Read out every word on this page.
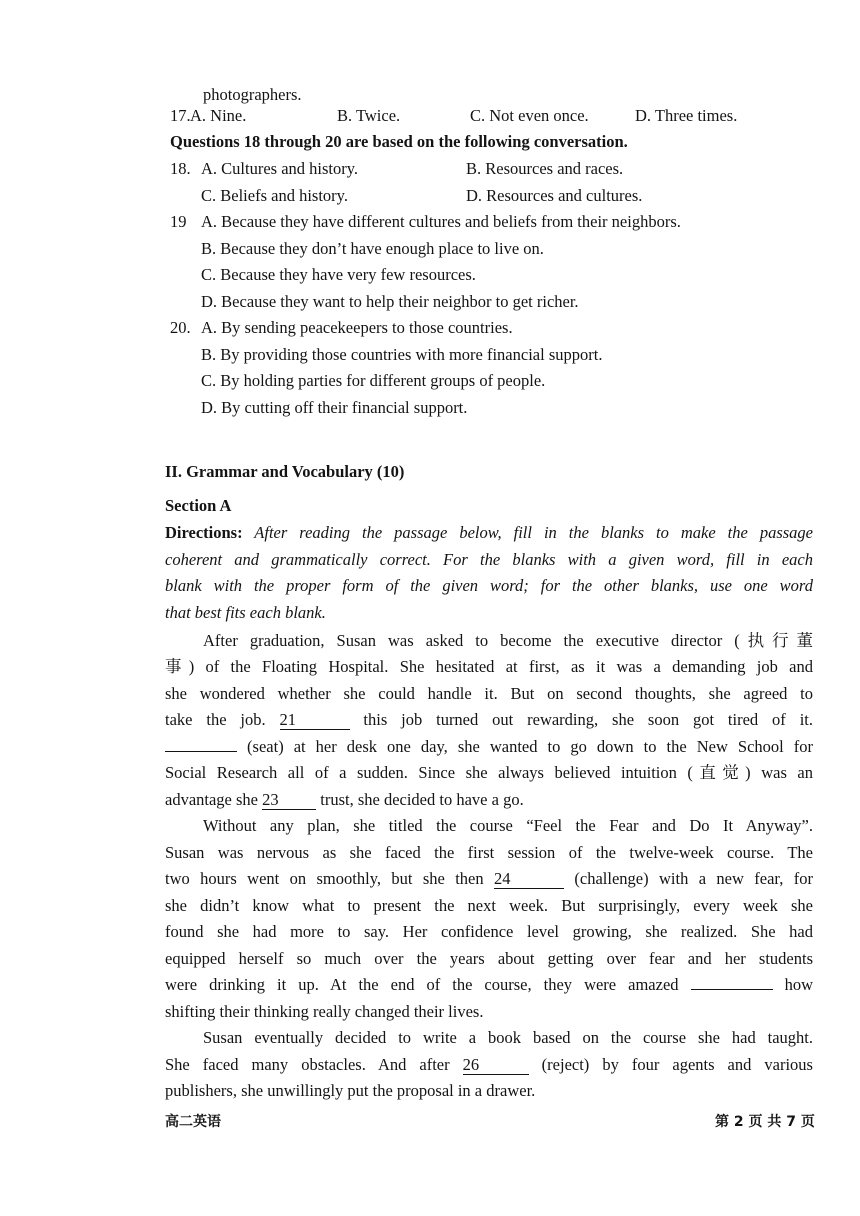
photographers.
17. A. Nine.	B. Twice.	C. Not even once.	D. Three times.
Questions 18 through 20 are based on the following conversation.
18. A. Cultures and history.	B. Resources and races.
C. Beliefs and history.	D. Resources and cultures.
19 A. Because they have different cultures and beliefs from their neighbors.
B. Because they don’t have enough place to live on.
C. Because they have very few resources.
D. Because they want to help their neighbor to get richer.
20. A. By sending peacekeepers to those countries.
B. By providing those countries with more financial support.
C. By holding parties for different groups of people.
D. By cutting off their financial support.
II. Grammar and Vocabulary (10)
Section A
Directions: After reading the passage below, fill in the blanks to make the passage
coherent and grammatically correct. For the blanks with a given word, fill in each
blank with the proper form of the given word; for the other blanks, use one word
that best fits each blank.
After graduation, Susan was asked to become the executive director (执行董
事) of the Floating Hospital. She hesitated at first, as it was a demanding job and
she wondered whether she could handle it. But on second thoughts, she agreed to
take the job. 21	this job turned out rewarding, she soon got tired of it.
(seat) at her desk one day, she wanted to go down to the New School for
Social Research all of a sudden. Since she always believed intuition (直觉) was an
advantage she 23	trust, she decided to have a go.
Without any plan, she titled the course “Feel the Fear and Do It Anyway”.
Susan was nervous as she faced the first session of the twelve-week course. The
two hours went on smoothly, but she then 24	(challenge) with a new fear, for
she didn’t know what to present the next week. But surprisingly, every week she
found she had more to say. Her confidence level growing, she realized. She had
equipped herself so much over the years about getting over fear and her students
were drinking it up. At the end of the course, they were amazed	how
shifting their thinking really changed their lives.
Susan eventually decided to write a book based on the course she had taught.
She faced many obstacles. And after 26	(reject) by four agents and various
publishers, she unwillingly put the proposal in a drawer.
高二英语	第 2 页 共 7 页
